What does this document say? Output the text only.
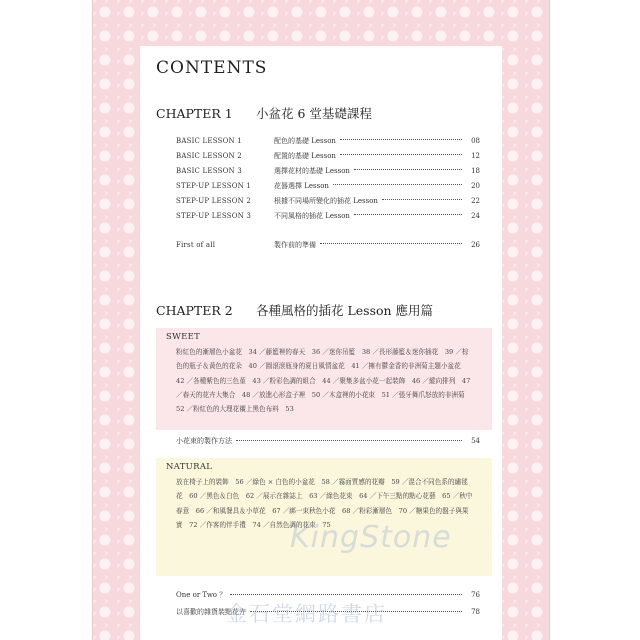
CONTENTS
CHAPTER 1	小盆花 6 堂基礎課程
BASIC LESSON 1	配色的基礎 Lesson	08
BASIC LESSON 2	配置的基礎 Lesson	12
BASIC LESSON 3	選擇花材的基礎 Lesson	18
STEP-UP LESSON 1	花器選擇 Lesson	20
STEP-UP LESSON 2	根據不同場所變化的插花 Lesson	22
STEP-UP LESSON 3	不同風格的插花 Lesson	24
First of all	製作前的準備	26
CHAPTER 2	各種風格的插花 Lesson 應用篇
SWEET
粉紅色的漸層色小盆花　34 ／藤籃裡的春天　36 ／迷你吊籃　38 ／長形藤籃＆迷你插花　39 ／棕色的瓶子＆黃色的花朵　40 ／圓滾滾瓶身的夏日風情盆花　41 ／擁有鬱金香的非洲菊主題小盆花　42 ／各種紫色的三色堇　43 ／粉彩色調的組合　44 ／聚集多盆小花一起裝飾　46 ／縱向排列　47 ／春天的花卉大集合　48 ／放進心形盒子裡　50 ／木盒裡的小花束　51 ／張牙舞爪怒放的非洲菊　52 ／粉紅色的大理花襯上黑色布料　53
小花束的製作方法	54
NATURAL
放在椅子上的裝飾　56 ／綠色 × 白色的小盆花　58 ／霧面質感的花瓣　59 ／混合不同色系的繡毬花　60 ／黑色＆白色　62 ／展示在雜誌上　63 ／綠色花束　64 ／下午三點的點心花藝　65 ／秋中春意　66 ／和風餐具＆小草花　67 ／綁一束秋色小花　68 ／粉彩漸層色　70 ／糖果色的盤子與果實　72 ／作客的伴手禮　74 ／自然色調的花束　75
One or Two ？	76
以喜歡的雜貨裝點花卉	78
KingStone
金石堂網路書店
